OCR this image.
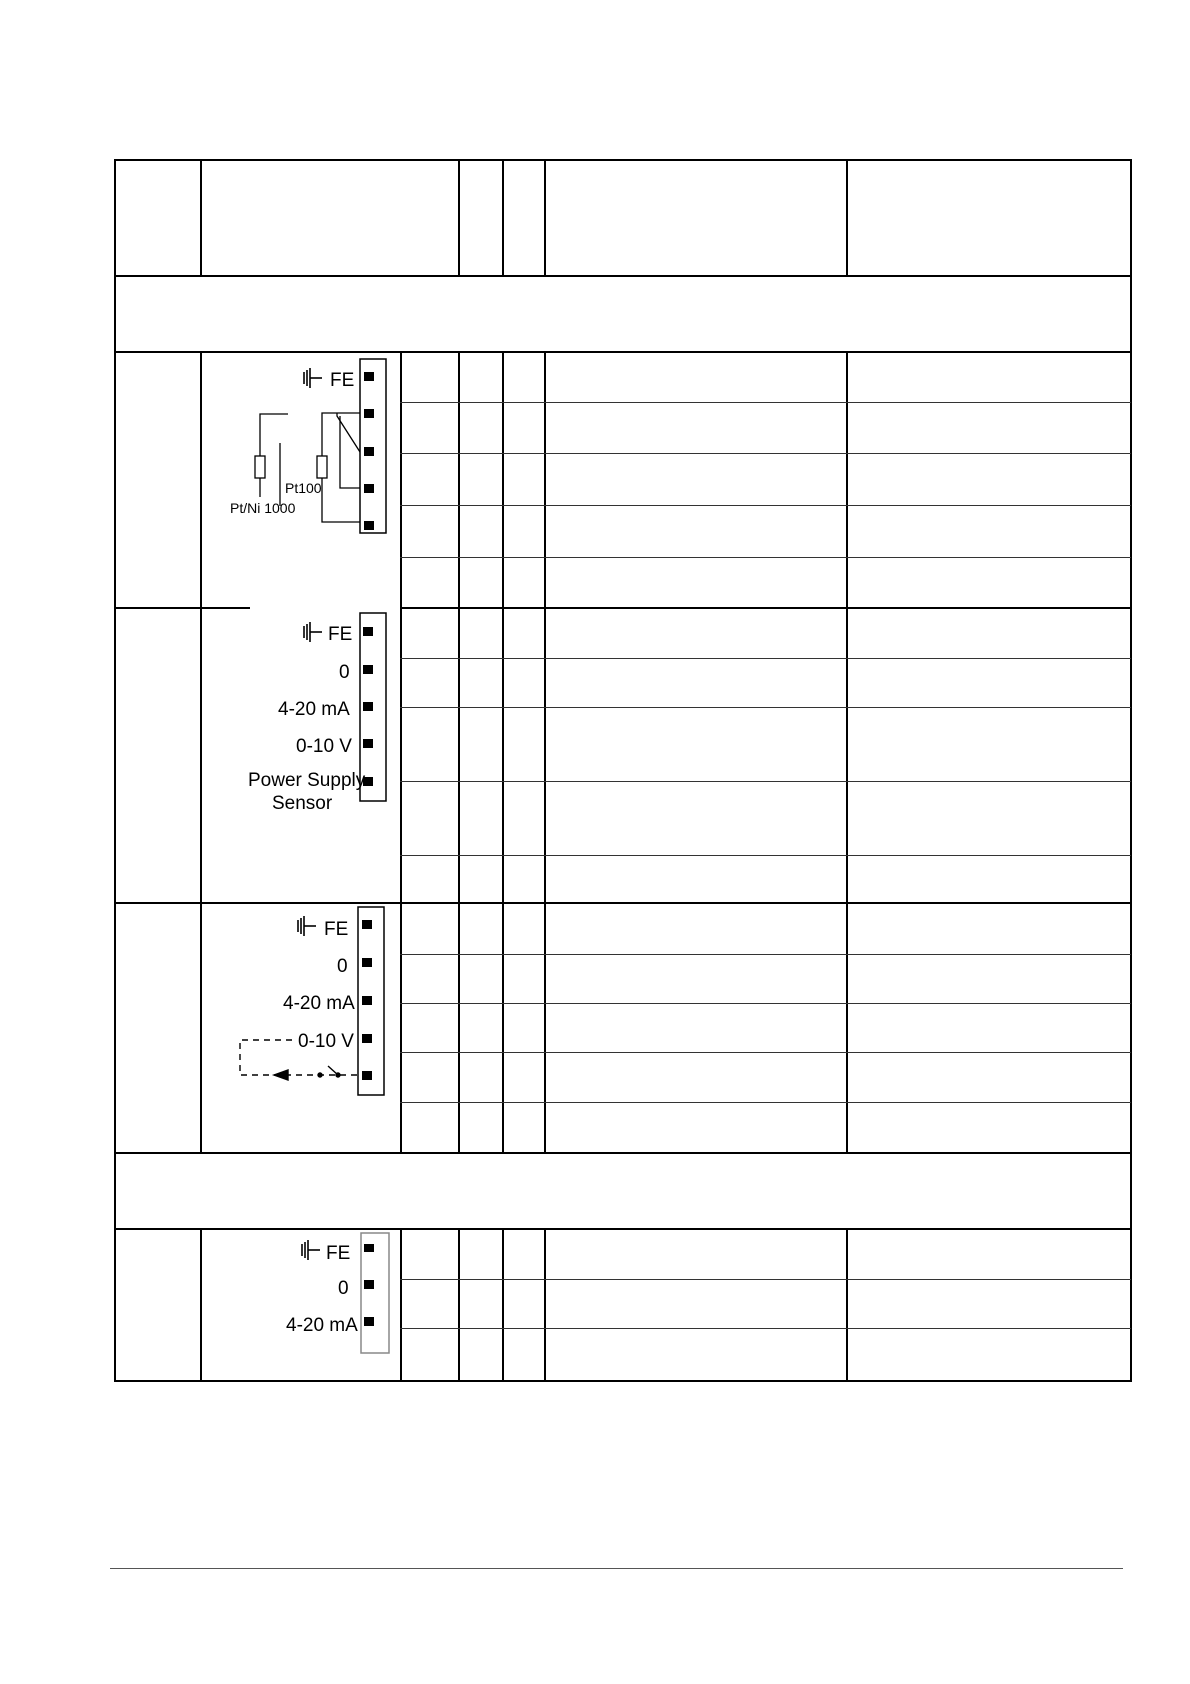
FE
Pt100
Pt/Ni 1000
FE
0
4-20 mA
0-10 V
Power Supply
Sensor
FE
0
4-20 mA
0-10 V
FE
0
4-20 mA
